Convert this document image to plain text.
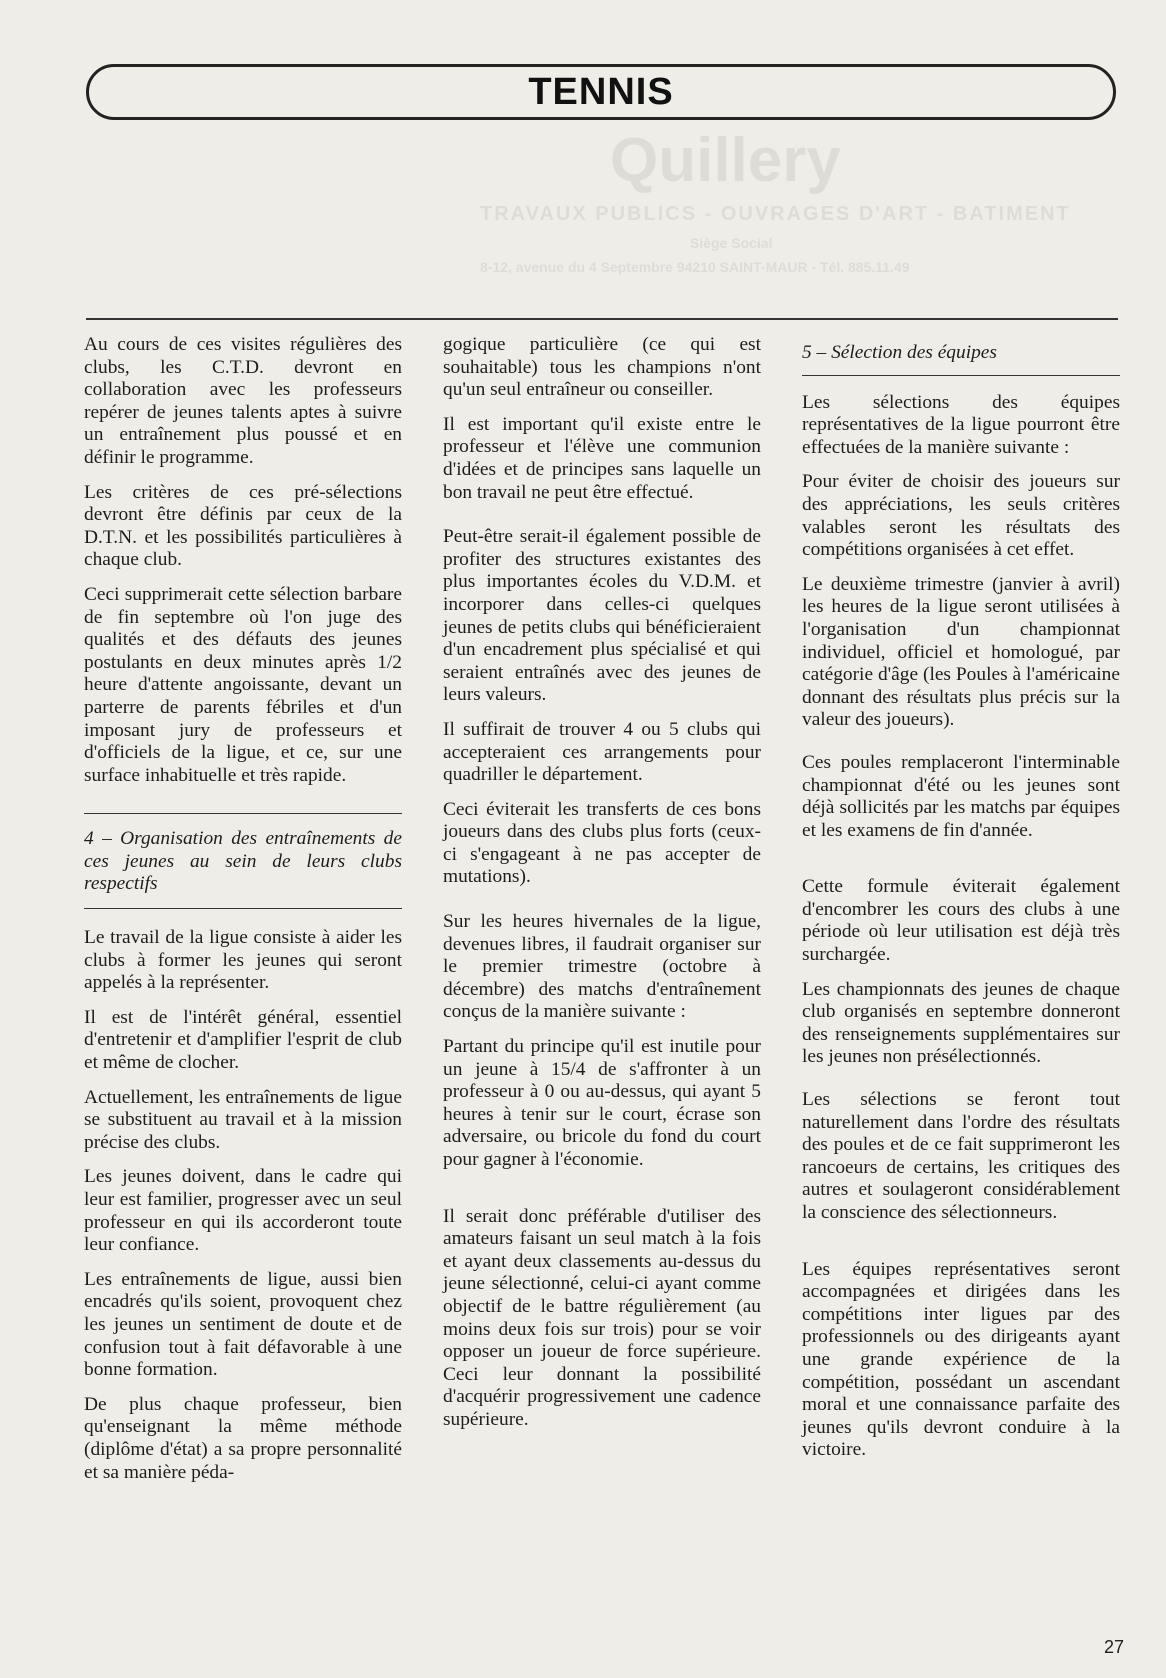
TENNIS
Quillery
TRAVAUX PUBLICS - OUVRAGES D'ART - BATIMENT
Siège Social
8-12, avenue du 4 Septembre 94210 SAINT-MAUR - Tél. 885.11.49

Au cours de ces visites régulières des clubs, les C.T.D. devront en collaboration avec les professeurs repérer de jeunes talents aptes à suivre un entraînement plus poussé et en définir le programme.

Les critères de ces pré-sélections devront être définis par ceux de la D.T.N. et les possibilités particulières à chaque club.

Ceci supprimerait cette sélection barbare de fin septembre où l'on juge des qualités et des défauts des jeunes postulants en deux minutes après 1/2 heure d'attente angoissante, devant un parterre de parents fébriles et d'un imposant jury de professeurs et d'officiels de la ligue, et ce, sur une surface inhabituelle et très rapide.

4 – Organisation des entraînements de ces jeunes au sein de leurs clubs respectifs

Le travail de la ligue consiste à aider les clubs à former les jeunes qui seront appelés à la représenter.

Il est de l'intérêt général, essentiel d'entretenir et d'amplifier l'esprit de club et même de clocher.

Actuellement, les entraînements de ligue se substituent au travail et à la mission précise des clubs.

Les jeunes doivent, dans le cadre qui leur est familier, progresser avec un seul professeur en qui ils accorderont toute leur confiance.

Les entraînements de ligue, aussi bien encadrés qu'ils soient, provoquent chez les jeunes un sentiment de doute et de confusion tout à fait défavorable à une bonne formation.

De plus chaque professeur, bien qu'enseignant la même méthode (diplôme d'état) a sa propre personnalité et sa manière péda-

gogique particulière (ce qui est souhaitable) tous les champions n'ont qu'un seul entraîneur ou conseiller.

Il est important qu'il existe entre le professeur et l'élève une communion d'idées et de principes sans laquelle un bon travail ne peut être effectué.

Peut-être serait-il également possible de profiter des structures existantes des plus importantes écoles du V.D.M. et incorporer dans celles-ci quelques jeunes de petits clubs qui bénéficieraient d'un encadrement plus spécialisé et qui seraient entraînés avec des jeunes de leurs valeurs.

Il suffirait de trouver 4 ou 5 clubs qui accepteraient ces arrangements pour quadriller le département.

Ceci éviterait les transferts de ces bons joueurs dans des clubs plus forts (ceux-ci s'engageant à ne pas accepter de mutations).

Sur les heures hivernales de la ligue, devenues libres, il faudrait organiser sur le premier trimestre (octobre à décembre) des matchs d'entraînement conçus de la manière suivante :

Partant du principe qu'il est inutile pour un jeune à 15/4 de s'affronter à un professeur à 0 ou au-dessus, qui ayant 5 heures à tenir sur le court, écrase son adversaire, ou bricole du fond du court pour gagner à l'économie.

Il serait donc préférable d'utiliser des amateurs faisant un seul match à la fois et ayant deux classements au-dessus du jeune sélectionné, celui-ci ayant comme objectif de le battre régulièrement (au moins deux fois sur trois) pour se voir opposer un joueur de force supérieure. Ceci leur donnant la possibilité d'acquérir progressivement une cadence supérieure.

5 – Sélection des équipes

Les sélections des équipes représentatives de la ligue pourront être effectuées de la manière suivante :

Pour éviter de choisir des joueurs sur des appréciations, les seuls critères valables seront les résultats des compétitions organisées à cet effet.

Le deuxième trimestre (janvier à avril) les heures de la ligue seront utilisées à l'organisation d'un championnat individuel, officiel et homologué, par catégorie d'âge (les Poules à l'américaine donnant des résultats plus précis sur la valeur des joueurs).

Ces poules remplaceront l'interminable championnat d'été ou les jeunes sont déjà sollicités par les matchs par équipes et les examens de fin d'année.

Cette formule éviterait également d'encombrer les cours des clubs à une période où leur utilisation est déjà très surchargée.

Les championnats des jeunes de chaque club organisés en septembre donneront des renseignements supplémentaires sur les jeunes non présélectionnés.

Les sélections se feront tout naturellement dans l'ordre des résultats des poules et de ce fait supprimeront les rancoeurs de certains, les critiques des autres et soulageront considérablement la conscience des sélectionneurs.

Les équipes représentatives seront accompagnées et dirigées dans les compétitions inter ligues par des professionnels ou des dirigeants ayant une grande expérience de la compétition, possédant un ascendant moral et une connaissance parfaite des jeunes qu'ils devront conduire à la victoire.

27
